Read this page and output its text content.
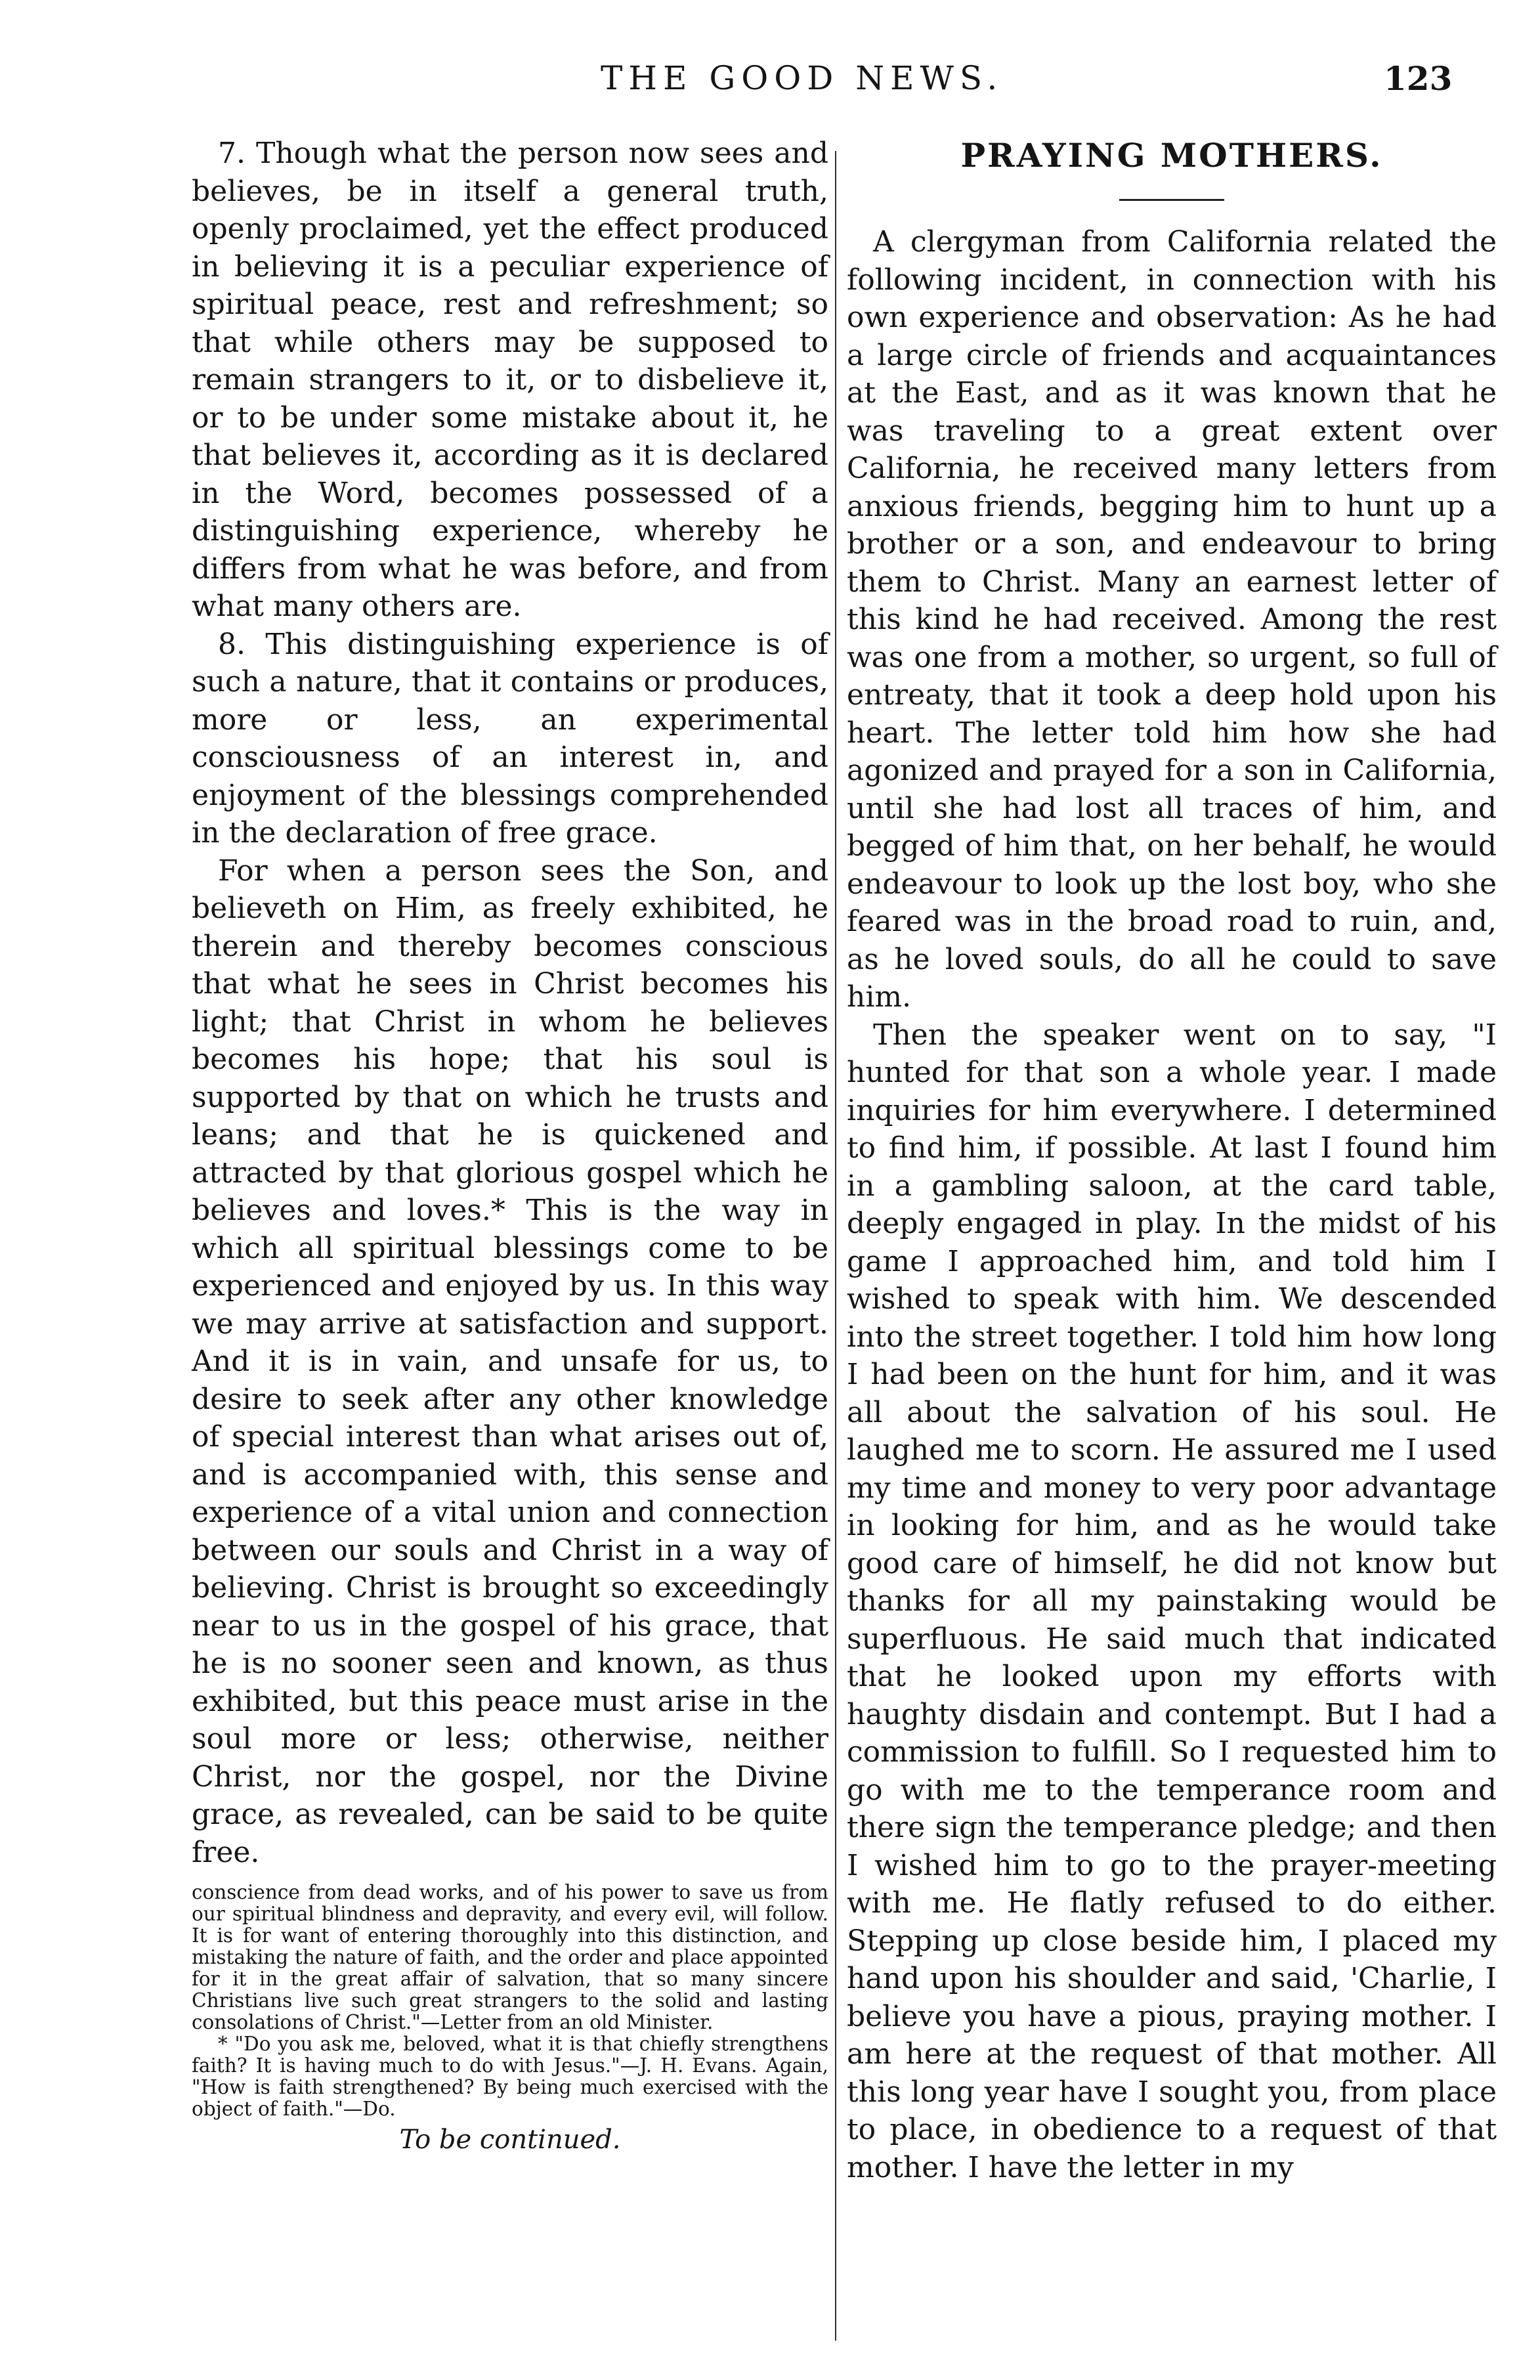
THE GOOD NEWS.	123

7. Though what the person now sees and believes, be in itself a general truth, openly proclaimed, yet the effect produced in believing it is a peculiar experience of spiritual peace, rest and refreshment; so that while others may be supposed to remain strangers to it, or to disbelieve it, or to be under some mistake about it, he that believes it, according as it is declared in the Word, becomes possessed of a distinguishing experience, whereby he differs from what he was before, and from what many others are.

8. This distinguishing experience is of such a nature, that it contains or produces, more or less, an experimental consciousness of an interest in, and enjoyment of the blessings comprehended in the declaration of free grace.

For when a person sees the Son, and believeth on Him, as freely exhibited, he therein and thereby becomes conscious that what he sees in Christ becomes his light; that Christ in whom he believes becomes his hope; that his soul is supported by that on which he trusts and leans; and that he is quickened and attracted by that glorious gospel which he believes and loves.* This is the way in which all spiritual blessings come to be experienced and enjoyed by us. In this way we may arrive at satisfaction and support. And it is in vain, and unsafe for us, to desire to seek after any other knowledge of special interest than what arises out of, and is accompanied with, this sense and experience of a vital union and connection between our souls and Christ in a way of believing. Christ is brought so exceedingly near to us in the gospel of his grace, that he is no sooner seen and known, as thus exhibited, but this peace must arise in the soul more or less; otherwise, neither Christ, nor the gospel, nor the Divine grace, as revealed, can be said to be quite free.

conscience from dead works, and of his power to save us from our spiritual blindness and depravity, and every evil, will follow. It is for want of entering thoroughly into this distinction, and mistaking the nature of faith, and the order and place appointed for it in the great affair of salvation, that so many sincere Christians live such great strangers to the solid and lasting consolations of Christ."—Letter from an old Minister.

* "Do you ask me, beloved, what it is that chiefly strengthens faith? It is having much to do with Jesus."—J. H. Evans. Again, "How is faith strengthened? By being much exercised with the object of faith."—Do.

To be continued.

PRAYING MOTHERS.

A clergyman from California related the following incident, in connection with his own experience and observation: As he had a large circle of friends and acquaintances at the East, and as it was known that he was traveling to a great extent over California, he received many letters from anxious friends, begging him to hunt up a brother or a son, and endeavour to bring them to Christ. Many an earnest letter of this kind he had received. Among the rest was one from a mother, so urgent, so full of entreaty, that it took a deep hold upon his heart. The letter told him how she had agonized and prayed for a son in California, until she had lost all traces of him, and begged of him that, on her behalf, he would endeavour to look up the lost boy, who she feared was in the broad road to ruin, and, as he loved souls, do all he could to save him.

Then the speaker went on to say, "I hunted for that son a whole year. I made inquiries for him everywhere. I determined to find him, if possible. At last I found him in a gambling saloon, at the card table, deeply engaged in play. In the midst of his game I approached him, and told him I wished to speak with him. We descended into the street together. I told him how long I had been on the hunt for him, and it was all about the salvation of his soul. He laughed me to scorn. He assured me I used my time and money to very poor advantage in looking for him, and as he would take good care of himself, he did not know but thanks for all my painstaking would be superfluous. He said much that indicated that he looked upon my efforts with haughty disdain and contempt. But I had a commission to fulfill. So I requested him to go with me to the temperance room and there sign the temperance pledge; and then I wished him to go to the prayer-meeting with me. He flatly refused to do either. Stepping up close beside him, I placed my hand upon his shoulder and said, 'Charlie, I believe you have a pious, praying mother. I am here at the request of that mother. All this long year have I sought you, from place to place, in obedience to a request of that mother. I have the letter in my
